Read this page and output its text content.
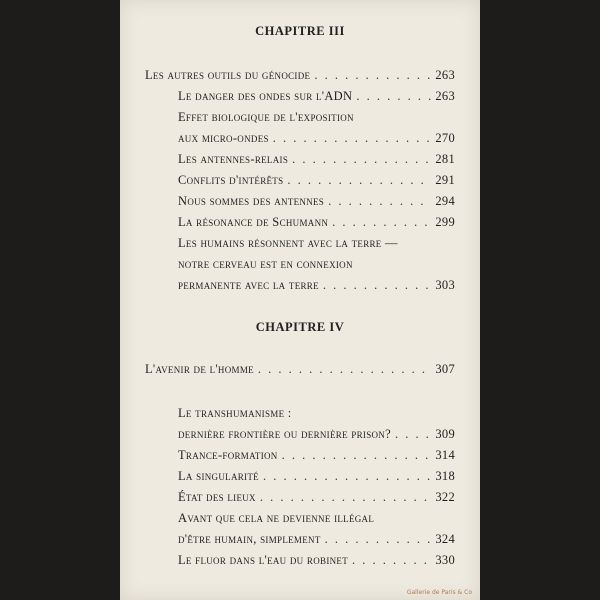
CHAPITRE III
Les autres outils du génocide . . .	263
Le danger des ondes sur l'ADN . . .	263
Effet biologique de l'exposition
aux micro-ondes . . .	270
Les antennes-relais . . .	281
Conflits d'intérêts . . .	291
Nous sommes des antennes . . .	294
La résonance de Schumann . . .	299
Les humains résonnent avec la terre —
notre cerveau est en connexion
permanente avec la terre . . .	303
CHAPITRE IV
L'avenir de l'homme . . .	307
Le transhumanisme :
dernière frontière ou dernière prison? . . .	309
Trance-formation . . .	314
La singularité . . .	318
État des lieux . . .	322
Avant que cela ne devienne illégal
d'être humain, simplement . . .	324
Le fluor dans l'eau du robinet . . .	330
Gallerie de Paris & Co
